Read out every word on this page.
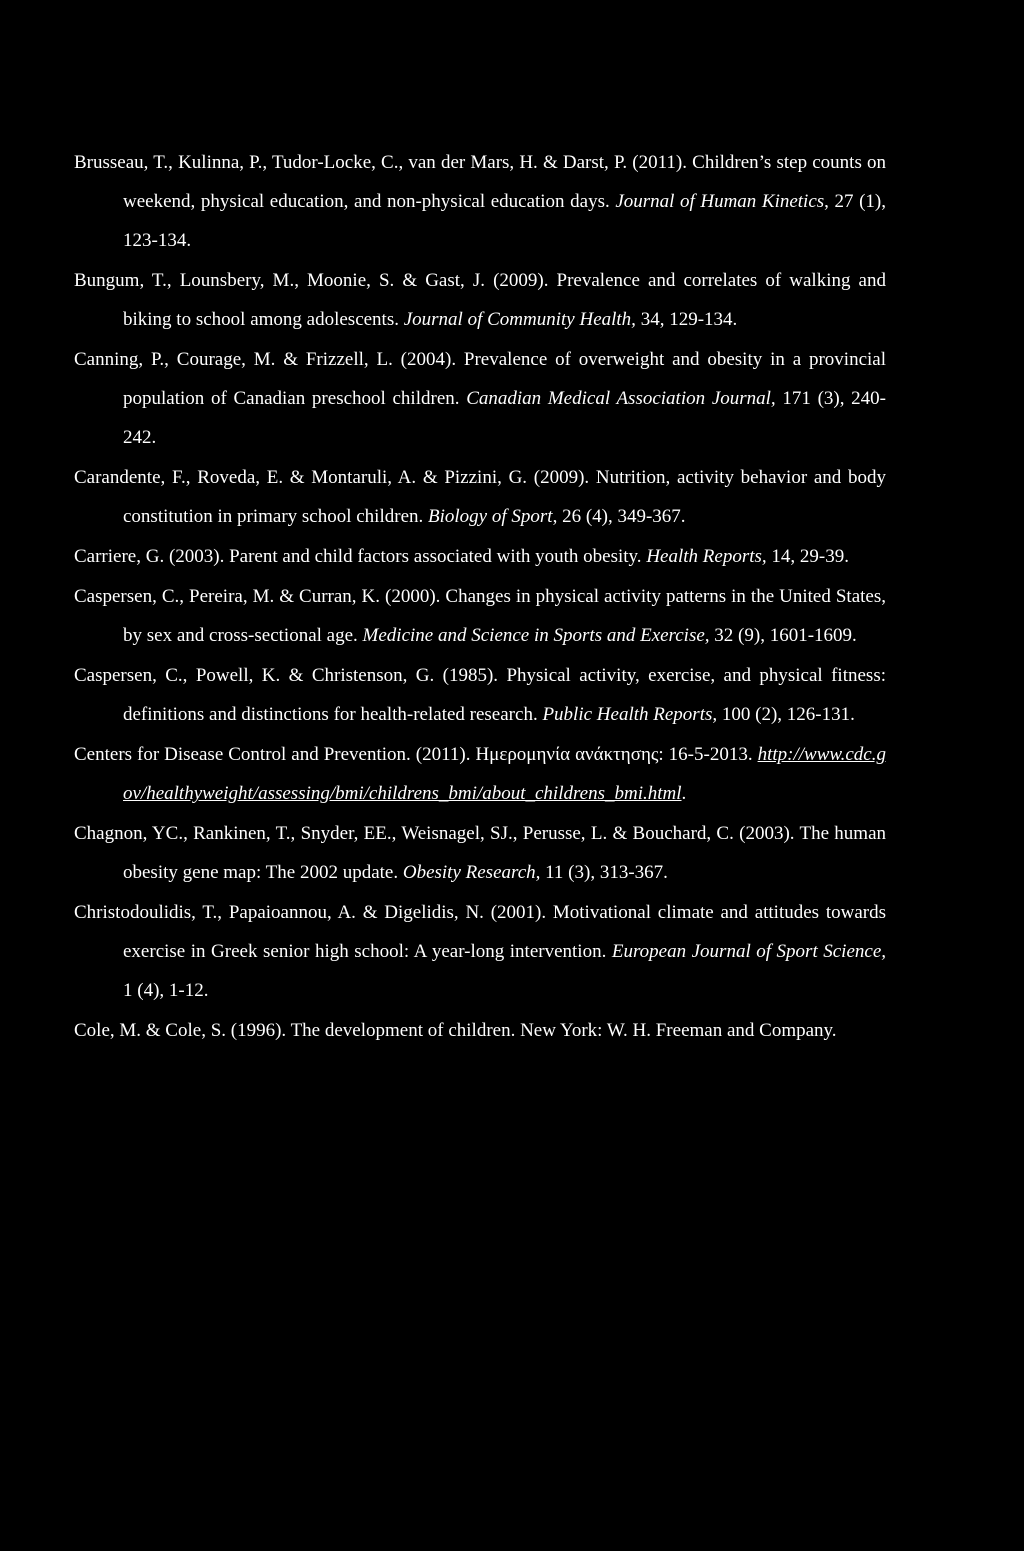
Brusseau, T., Kulinna, P., Tudor-Locke, C., van der Mars, H. & Darst, P. (2011). Children’s step counts on weekend, physical education, and non-physical education days. Journal of Human Kinetics, 27 (1), 123-134.

Bungum, T., Lounsbery, M., Moonie, S. & Gast, J. (2009). Prevalence and correlates of walking and biking to school among adolescents. Journal of Community Health, 34, 129-134.

Canning, P., Courage, M. & Frizzell, L. (2004). Prevalence of overweight and obesity in a provincial population of Canadian preschool children. Canadian Medical Association Journal, 171 (3), 240-242.

Carandente, F., Roveda, E. & Montaruli, A. & Pizzini, G. (2009). Nutrition, activity behavior and body constitution in primary school children. Biology of Sport, 26 (4), 349-367.

Carriere, G. (2003). Parent and child factors associated with youth obesity. Health Reports, 14, 29-39.

Caspersen, C., Pereira, M. & Curran, K. (2000). Changes in physical activity patterns in the United States, by sex and cross-sectional age. Medicine and Science in Sports and Exercise, 32 (9), 1601-1609.

Caspersen, C., Powell, K. & Christenson, G. (1985). Physical activity, exercise, and physical fitness: definitions and distinctions for health-related research. Public Health Reports, 100 (2), 126-131.

Centers for Disease Control and Prevention. (2011). Ημερομηνία ανάκτησης: 16-5-2013. http://www.cdc.gov/healthyweight/assessing/bmi/childrens_bmi/about_childrens_bmi.html.

Chagnon, YC., Rankinen, T., Snyder, EE., Weisnagel, SJ., Perusse, L. & Bouchard, C. (2003). The human obesity gene map: The 2002 update. Obesity Research, 11 (3), 313-367.

Christodoulidis, T., Papaioannou, A. & Digelidis, N. (2001). Motivational climate and attitudes towards exercise in Greek senior high school: A year-long intervention. European Journal of Sport Science, 1 (4), 1-12.

Cole, M. & Cole, S. (1996). The development of children. New York: W. H. Freeman and Company.
